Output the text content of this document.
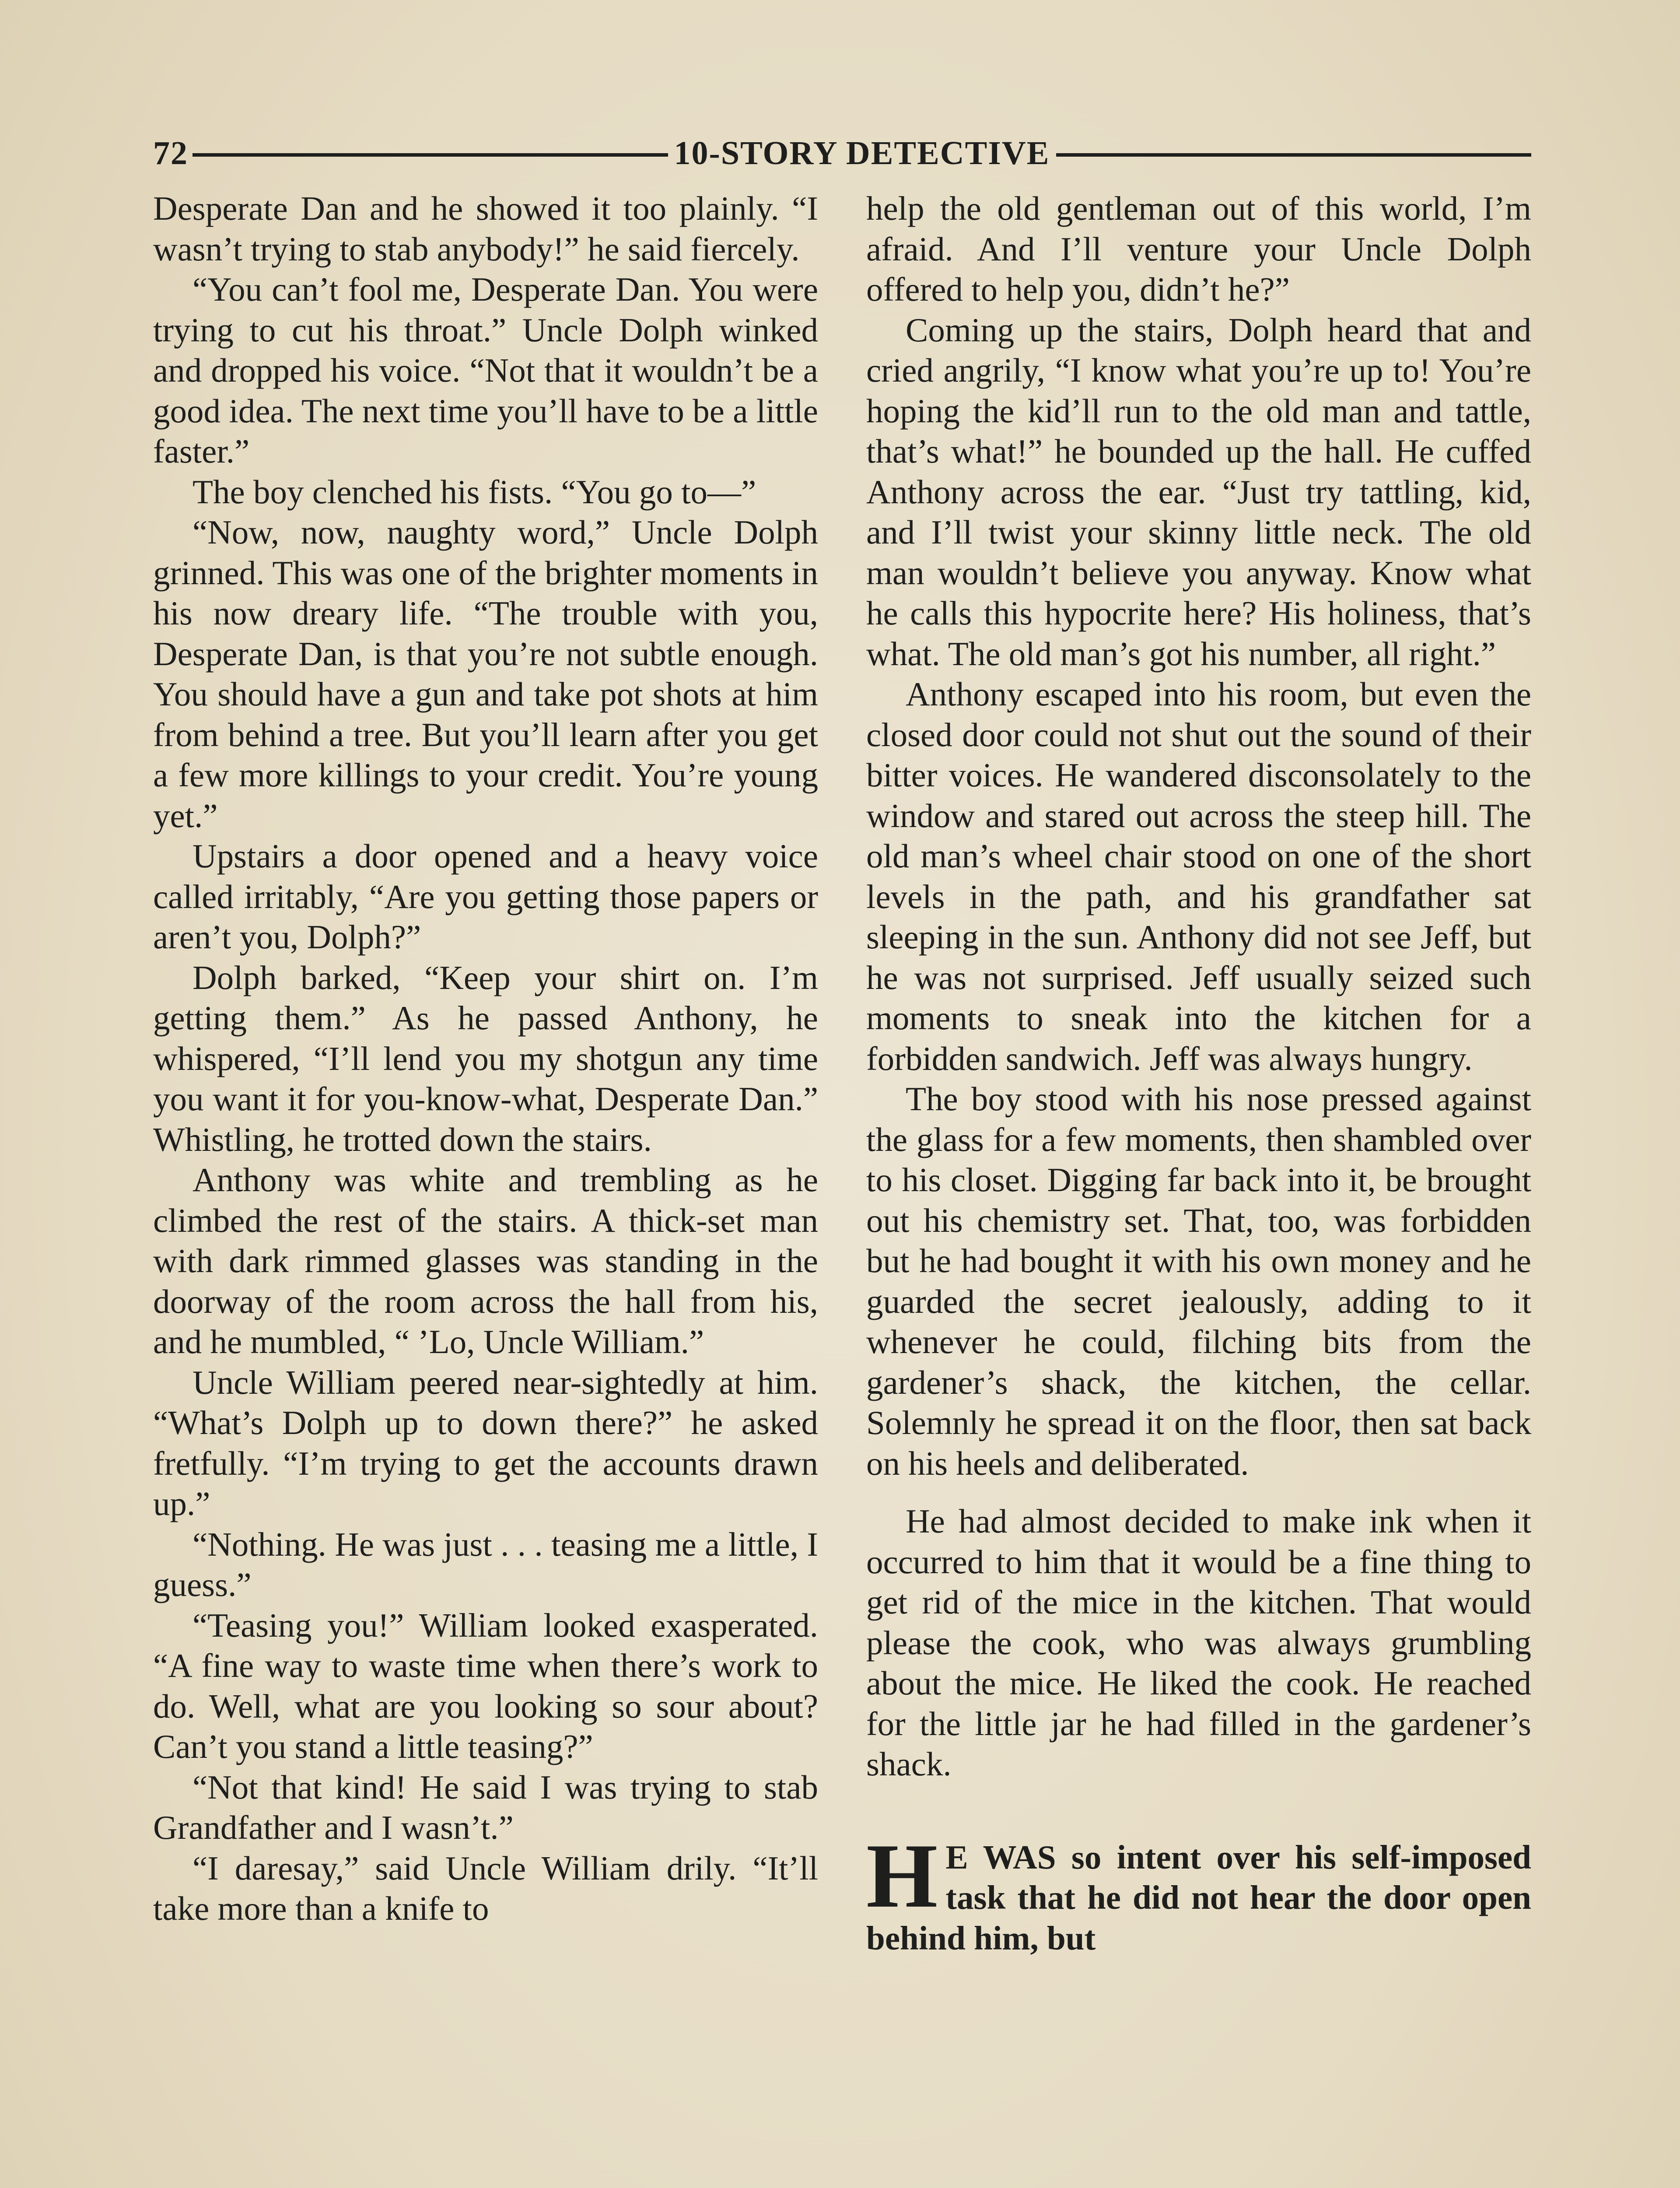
72	10-STORY DETECTIVE

Desperate Dan and he showed it too plainly. “I wasn’t trying to stab anybody!” he said fiercely.

“You can’t fool me, Desperate Dan. You were trying to cut his throat.” Uncle Dolph winked and dropped his voice. “Not that it wouldn’t be a good idea. The next time you’ll have to be a little faster.”

The boy clenched his fists. “You go to—”

“Now, now, naughty word,” Uncle Dolph grinned. This was one of the brighter moments in his now dreary life. “The trouble with you, Desperate Dan, is that you’re not subtle enough. You should have a gun and take pot shots at him from behind a tree. But you’ll learn after you get a few more killings to your credit. You’re young yet.”

Upstairs a door opened and a heavy voice called irritably, “Are you getting those papers or aren’t you, Dolph?”

Dolph barked, “Keep your shirt on. I’m getting them.” As he passed Anthony, he whispered, “I’ll lend you my shotgun any time you want it for you-know-what, Desperate Dan.” Whistling, he trotted down the stairs.

Anthony was white and trembling as he climbed the rest of the stairs. A thick-set man with dark rimmed glasses was standing in the doorway of the room across the hall from his, and he mumbled, “ ’Lo, Uncle William.”

Uncle William peered near-sightedly at him. “What’s Dolph up to down there?” he asked fretfully. “I’m trying to get the accounts drawn up.”

“Nothing. He was just . . . teasing me a little, I guess.”

“Teasing you!” William looked exasperated. “A fine way to waste time when there’s work to do. Well, what are you looking so sour about? Can’t you stand a little teasing?”

“Not that kind! He said I was trying to stab Grandfather and I wasn’t.”

“I daresay,” said Uncle William drily. “It’ll take more than a knife to

help the old gentleman out of this world, I’m afraid. And I’ll venture your Uncle Dolph offered to help you, didn’t he?”

Coming up the stairs, Dolph heard that and cried angrily, “I know what you’re up to! You’re hoping the kid’ll run to the old man and tattle, that’s what!” he bounded up the hall. He cuffed Anthony across the ear. “Just try tattling, kid, and I’ll twist your skinny little neck. The old man wouldn’t believe you anyway. Know what he calls this hypocrite here? His holiness, that’s what. The old man’s got his number, all right.”

Anthony escaped into his room, but even the closed door could not shut out the sound of their bitter voices. He wandered disconsolately to the window and stared out across the steep hill. The old man’s wheel chair stood on one of the short levels in the path, and his grandfather sat sleeping in the sun. Anthony did not see Jeff, but he was not surprised. Jeff usually seized such moments to sneak into the kitchen for a forbidden sandwich. Jeff was always hungry.

The boy stood with his nose pressed against the glass for a few moments, then shambled over to his closet. Digging far back into it, be brought out his chemistry set. That, too, was forbidden but he had bought it with his own money and he guarded the secret jealously, adding to it whenever he could, filching bits from the gardener’s shack, the kitchen, the cellar. Solemnly he spread it on the floor, then sat back on his heels and deliberated.

He had almost decided to make ink when it occurred to him that it would be a fine thing to get rid of the mice in the kitchen. That would please the cook, who was always grumbling about the mice. He liked the cook. He reached for the little jar he had filled in the gardener’s shack.

H E WAS so intent over his self-imposed task that he did not hear the door open behind him, but
